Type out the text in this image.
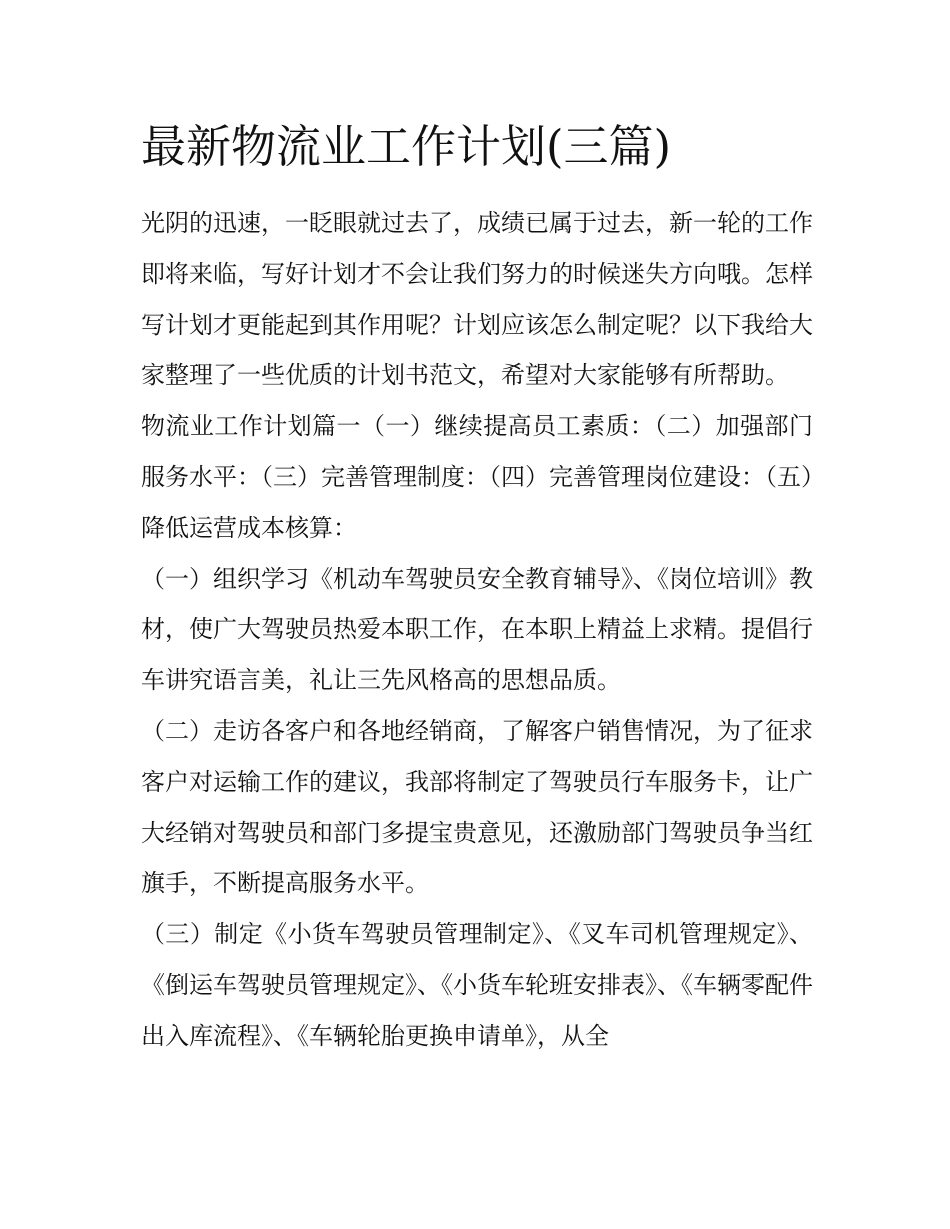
最新物流业工作计划(三篇)

光阴的迅速，一眨眼就过去了，成绩已属于过去，新一轮的工作即将来临，写好计划才不会让我们努力的时候迷失方向哦。怎样写计划才更能起到其作用呢？计划应该怎么制定呢？以下我给大家整理了一些优质的计划书范文，希望对大家能够有所帮助。

物流业工作计划篇一（一）继续提高员工素质：（二）加强部门服务水平：（三）完善管理制度：（四）完善管理岗位建设：（五）降低运营成本核算：

（一）组织学习《机动车驾驶员安全教育辅导》、《岗位培训》教材，使广大驾驶员热爱本职工作，在本职上精益上求精。提倡行车讲究语言美，礼让三先风格高的思想品质。

（二）走访各客户和各地经销商，了解客户销售情况，为了征求客户对运输工作的建议，我部将制定了驾驶员行车服务卡，让广大经销对驾驶员和部门多提宝贵意见，还激励部门驾驶员争当红旗手，不断提高服务水平。

（三）制定《小货车驾驶员管理制定》、《叉车司机管理规定》、《倒运车驾驶员管理规定》、《小货车轮班安排表》、《车辆零配件出入库流程》、《车辆轮胎更换申请单》，从全
